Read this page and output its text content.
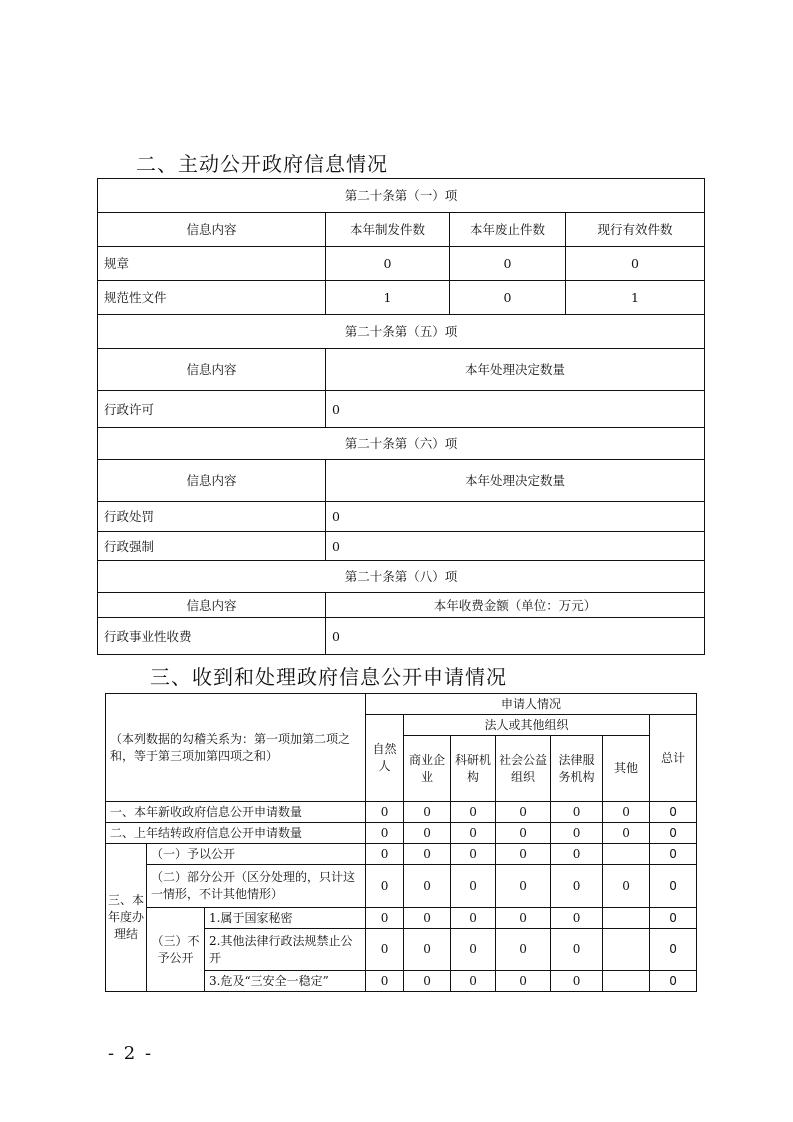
二、主动公开政府信息情况
第二十条第（一）项			
信息内容	本年制发件数	本年废止件数	现行有效件数
规章	0	0	0
规范性文件	1	0	1
第二十条第（五）项			
信息内容	本年处理决定数量		
行政许可	0		
第二十条第（六）项			
信息内容	本年处理决定数量		
行政处罚	0		
行政强制	0		
第二十条第（八）项			
信息内容	本年收费金额（单位：万元）		
行政事业性收费	0		
三、收到和处理政府信息公开申请情况
（本列数据的勾稽关系为：第一项加第二项之和，等于第三项加第四项之和）			申请人情况						
			自然人	法人或其他组织					总计
				商业企业	科研机构	社会公益组织	法律服务机构	其他	
一、本年新收政府信息公开申请数量			0	0	0	0	0	0	0
二、上年结转政府信息公开申请数量			0	0	0	0	0	0	0
三、本年度办理结	（一）予以公开		0	0	0	0	0		0
	（二）部分公开（区分处理的，只计这一情形，不计其他情形）		0	0	0	0	0	0	0
	（三）不予公开	1.属于国家秘密	0	0	0	0	0		0
		2.其他法律行政法规禁止公开	0	0	0	0	0		0
		3.危及“三安全一稳定”	0	0	0	0	0		0
- 2 -
